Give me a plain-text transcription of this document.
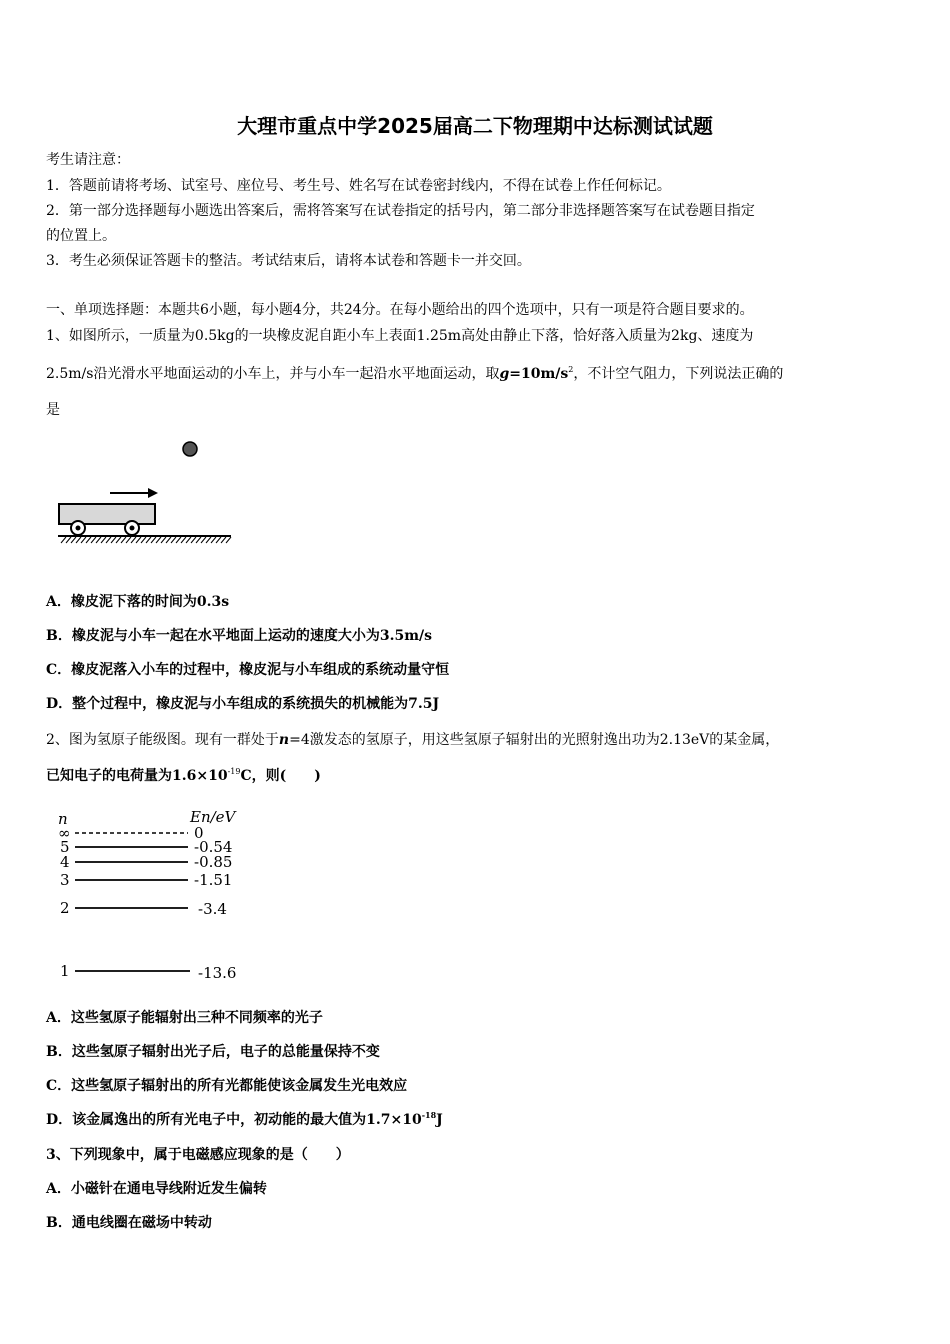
大理市重点中学2025届高二下物理期中达标测试试题
考生请注意：
1．答题前请将考场、试室号、座位号、考生号、姓名写在试卷密封线内，不得在试卷上作任何标记。
2．第一部分选择题每小题选出答案后，需将答案写在试卷指定的括号内，第二部分非选择题答案写在试卷题目指定
的位置上。
3．考生必须保证答题卡的整洁。考试结束后，请将本试卷和答题卡一并交回。
一、单项选择题：本题共6小题，每小题4分，共24分。在每小题给出的四个选项中，只有一项是符合题目要求的。
1、如图所示，一质量为0.5kg的一块橡皮泥自距小车上表面1.25m高处由静止下落，恰好落入质量为2kg、速度为
2.5m/s沿光滑水平地面运动的小车上，并与小车一起沿水平地面运动，取$g=10m/s^2$，不计空气阻力，下列说法正确的
是
A．橡皮泥下落的时间为0.3s
B．橡皮泥与小车一起在水平地面上运动的速度大小为3.5m/s
C．橡皮泥落入小车的过程中，橡皮泥与小车组成的系统动量守恒
D．整个过程中，橡皮泥与小车组成的系统损失的机械能为7.5J
2、图为氢原子能级图。现有一群处于n=4激发态的氢原子，用这些氢原子辐射出的光照射逸出功为2.13eV的某金属，
已知电子的电荷量为$1.6\times 10^{-19}C$，则(　　)
n	En/eV
∞	0
5	-0.54
4	-0.85
3	-1.51
2	-3.4
1	-13.6
A．这些氢原子能辐射出三种不同频率的光子
B．这些氢原子辐射出光子后，电子的总能量保持不变
C．这些氢原子辐射出的所有光都能使该金属发生光电效应
D．该金属逸出的所有光电子中，初动能的最大值为$1.7\times 10^{-18}J$
3、下列现象中，属于电磁感应现象的是（　　）
A．小磁针在通电导线附近发生偏转
B．通电线圈在磁场中转动
